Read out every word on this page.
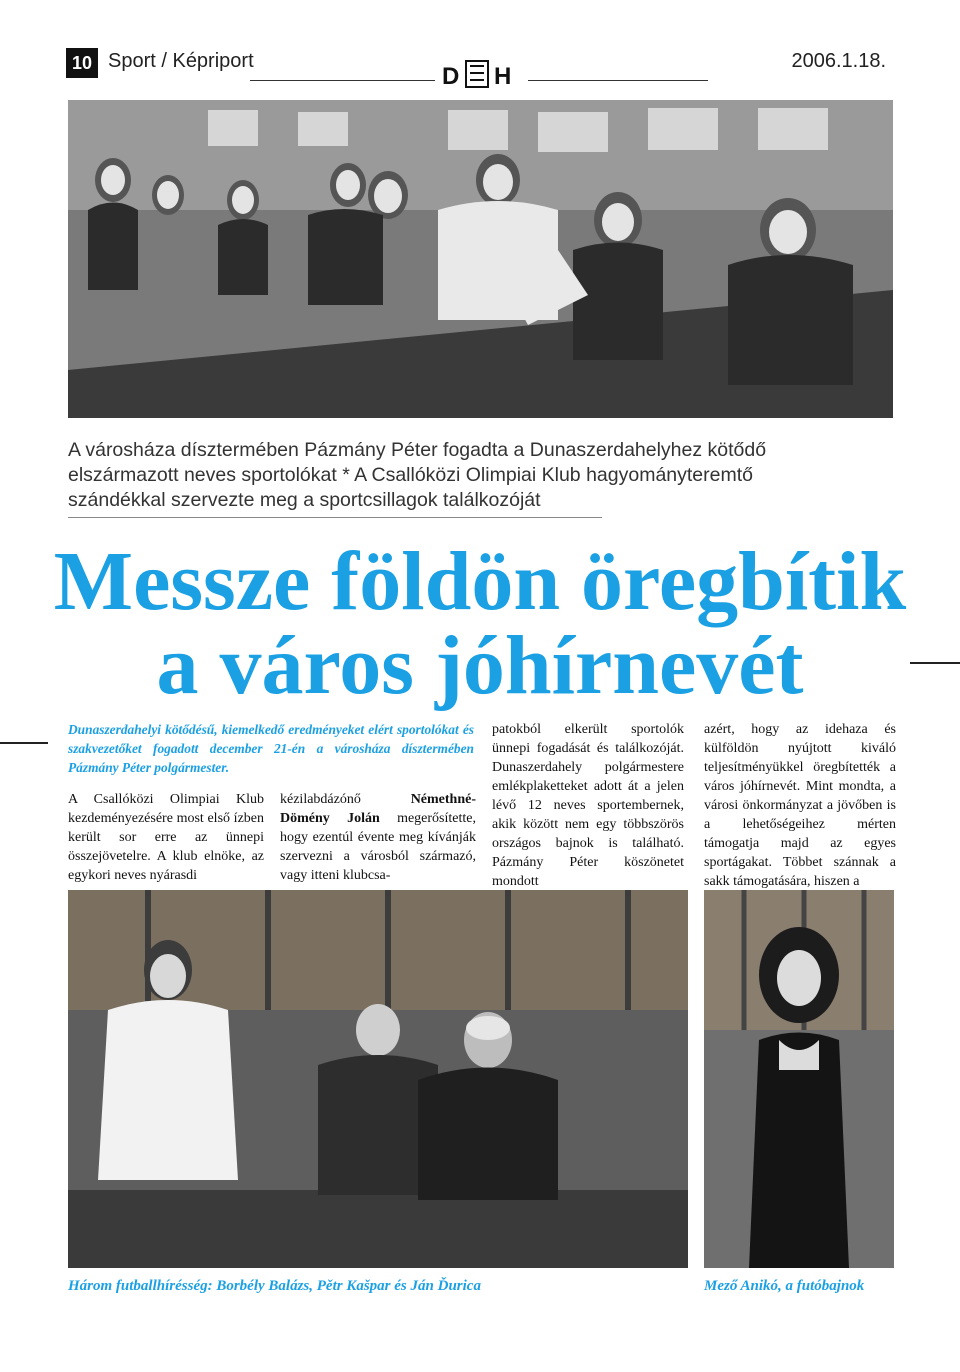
10 Sport / Képriport
D H
2006.1.18.
A városháza dísztermében Pázmány Péter fogadta a Dunaszerdahelyhez kötődő elszármazott neves sportolókat * A Csallóközi Olimpiai Klub hagyományteremtő szándékkal szervezte meg a sportcsillagok találkozóját
Messze földön öregbítik
a város jóhírnevét
Dunaszerdahelyi kötődésű, kiemelkedő eredményeket elért sportolókat és szakvezetőket fogadott december 21-én a városháza dísztermében Pázmány Péter polgármester.
A Csallóközi Olimpiai Klub kezdeményezésére most első ízben került sor erre az ünnepi összejövetelre. A klub elnöke, az egykori neves nyárasdi
kézilabdázónő Némethné-Dömény Jolán megerősítette, hogy ezentúl évente meg kívánják szervezni a városból származó, vagy itteni klubcsa-
patokból elkerült sportolók ünnepi fogadását és találkozóját. Dunaszerdahely polgármestere emlékplaketteket adott át a jelen lévő 12 neves sportembernek, akik között nem egy többszörös országos bajnok is található. Pázmány Péter köszönetet mondott
azért, hogy az idehaza és külföldön nyújtott kiváló teljesítményükkel öregbítették a város jóhírnevét. Mint mondta, a városi önkormányzat a jövőben is a lehetőségeihez mérten támogatja majd az egyes sportágakat. Többet szánnak a sakk támogatására, hiszen a
Három futballhírésség: Borbély Balázs, Pětr Kašpar és Ján Ďurica	Mező Anikó, a futóbajnok
